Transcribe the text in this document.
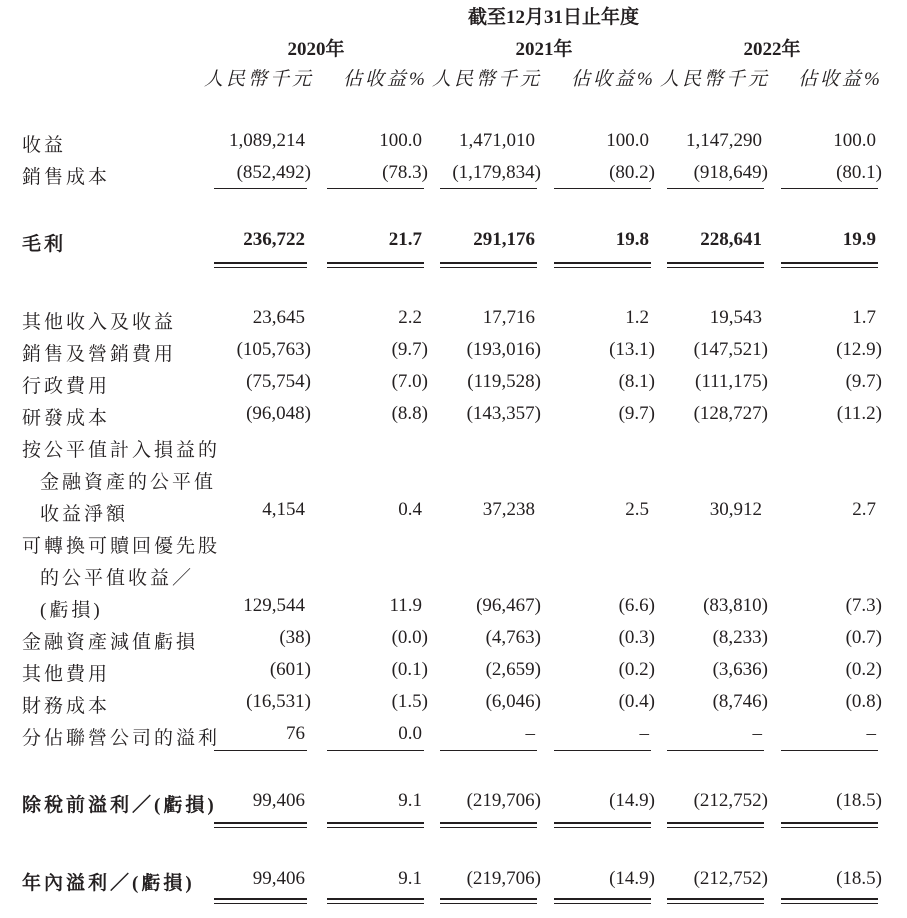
截至12月31日止年度
2020年	2021年	2022年
人民幣千元 佔收益% 人民幣千元 佔收益% 人民幣千元 佔收益%
收益	1,089,214	100.0	1,471,010	100.0	1,147,290	100.0
銷售成本	(852,492)	(78.3)	(1,179,834)	(80.2)	(918,649)	(80.1)
毛利	236,722	21.7	291,176	19.8	228,641	19.9
其他收入及收益	23,645	2.2	17,716	1.2	19,543	1.7
銷售及營銷費用	(105,763)	(9.7)	(193,016)	(13.1)	(147,521)	(12.9)
行政費用	(75,754)	(7.0)	(119,528)	(8.1)	(111,175)	(9.7)
研發成本	(96,048)	(8.8)	(143,357)	(9.7)	(128,727)	(11.2)
按公平值計入損益的
金融資產的公平值
收益淨額	4,154	0.4	37,238	2.5	30,912	2.7
可轉換可贖回優先股
的公平值收益／
(虧損)	129,544	11.9	(96,467)	(6.6)	(83,810)	(7.3)
金融資產減值虧損	(38)	(0.0)	(4,763)	(0.3)	(8,233)	(0.7)
其他費用	(601)	(0.1)	(2,659)	(0.2)	(3,636)	(0.2)
財務成本	(16,531)	(1.5)	(6,046)	(0.4)	(8,746)	(0.8)
分佔聯營公司的溢利	76	0.0	–	–	–	–
除稅前溢利／(虧損)	99,406	9.1	(219,706)	(14.9)	(212,752)	(18.5)
年內溢利／(虧損)	99,406	9.1	(219,706)	(14.9)	(212,752)	(18.5)
